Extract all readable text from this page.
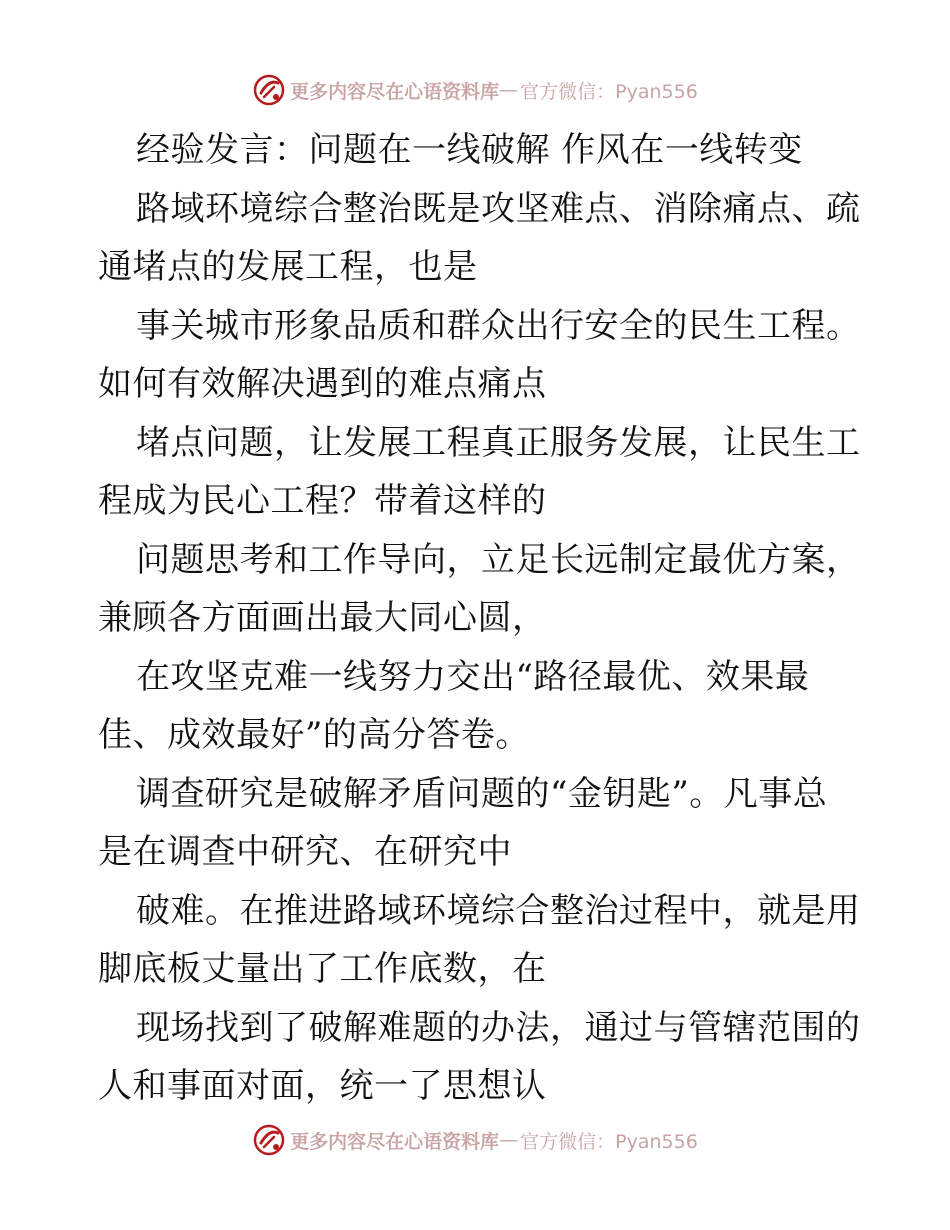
更多内容尽在心语资料库 — 官方微信：Pyan556
经验发言：问题在一线破解 作风在一线转变
路域环境综合整治既是攻坚难点、消除痛点、疏
通堵点的发展工程，也是
事关城市形象品质和群众出行安全的民生工程。
如何有效解决遇到的难点痛点
堵点问题，让发展工程真正服务发展，让民生工
程成为民心工程？带着这样的
问题思考和工作导向，立足长远制定最优方案，
兼顾各方面画出最大同心圆，
在攻坚克难一线努力交出“路径最优、效果最
佳、成效最好”的高分答卷。
调查研究是破解矛盾问题的“金钥匙”。凡事总
是在调查中研究、在研究中
破难。在推进路域环境综合整治过程中，就是用
脚底板丈量出了工作底数，在
现场找到了破解难题的办法，通过与管辖范围的
人和事面对面，统一了思想认
更多内容尽在心语资料库 — 官方微信：Pyan556
